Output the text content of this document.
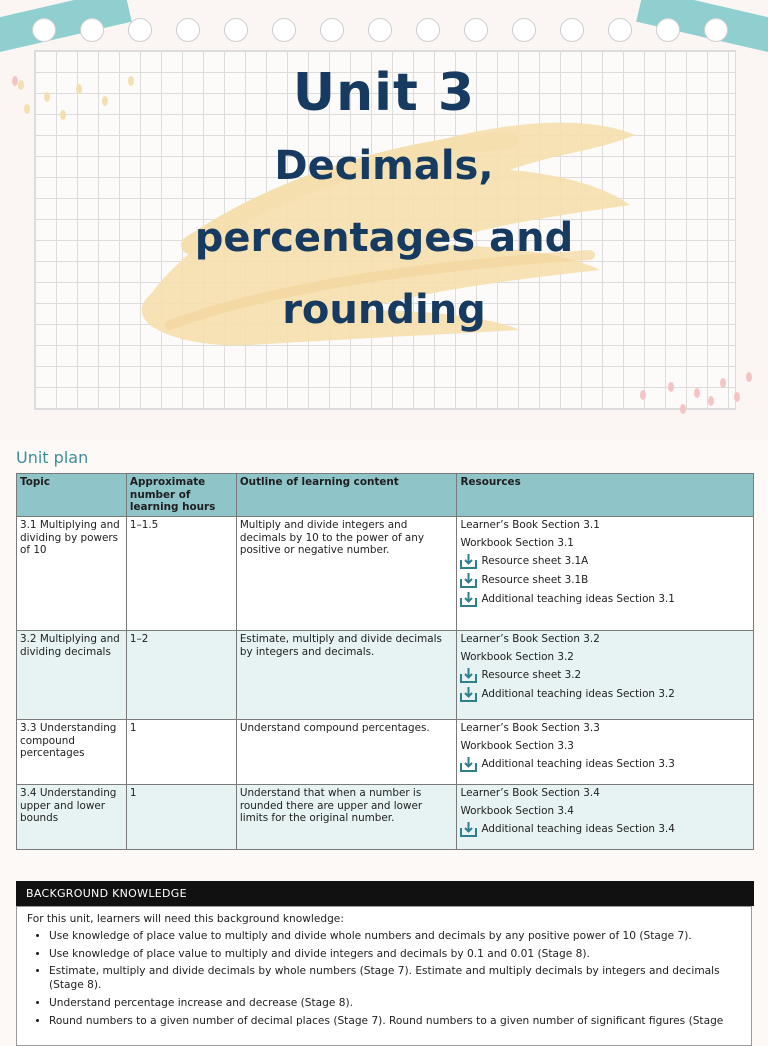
Unit 3
Decimals,
percentages and
rounding
Unit plan
Topic	Approximate number of learning hours	Outline of learning content	Resources
3.1 Multiplying and dividing by powers of 10	1–1.5	Multiply and divide integers and decimals by 10 to the power of any positive or negative number.	Learner’s Book Section 3.1
Workbook Section 3.1
Resource sheet 3.1A
Resource sheet 3.1B
Additional teaching ideas Section 3.1

3.2 Multiplying and dividing decimals	1–2	Estimate, multiply and divide decimals by integers and decimals.	Learner’s Book Section 3.2
Workbook Section 3.2
Resource sheet 3.2
Additional teaching ideas Section 3.2

3.3 Understanding compound percentages	1	Understand compound percentages.	Learner’s Book Section 3.3
Workbook Section 3.3
Additional teaching ideas Section 3.3

3.4 Understanding upper and lower bounds	1	Understand that when a number is rounded there are upper and lower limits for the original number.	Learner’s Book Section 3.4
Workbook Section 3.4
Additional teaching ideas Section 3.4
BACKGROUND KNOWLEDGE
For this unit, learners will need this background knowledge:
• Use knowledge of place value to multiply and divide whole numbers and decimals by any positive power of 10 (Stage 7).
• Use knowledge of place value to multiply and divide integers and decimals by 0.1 and 0.01 (Stage 8).
• Estimate, multiply and divide decimals by whole numbers (Stage 7). Estimate and multiply decimals by integers and decimals (Stage 8).
• Understand percentage increase and decrease (Stage 8).
• Round numbers to a given number of decimal places (Stage 7). Round numbers to a given number of significant figures (Stage
